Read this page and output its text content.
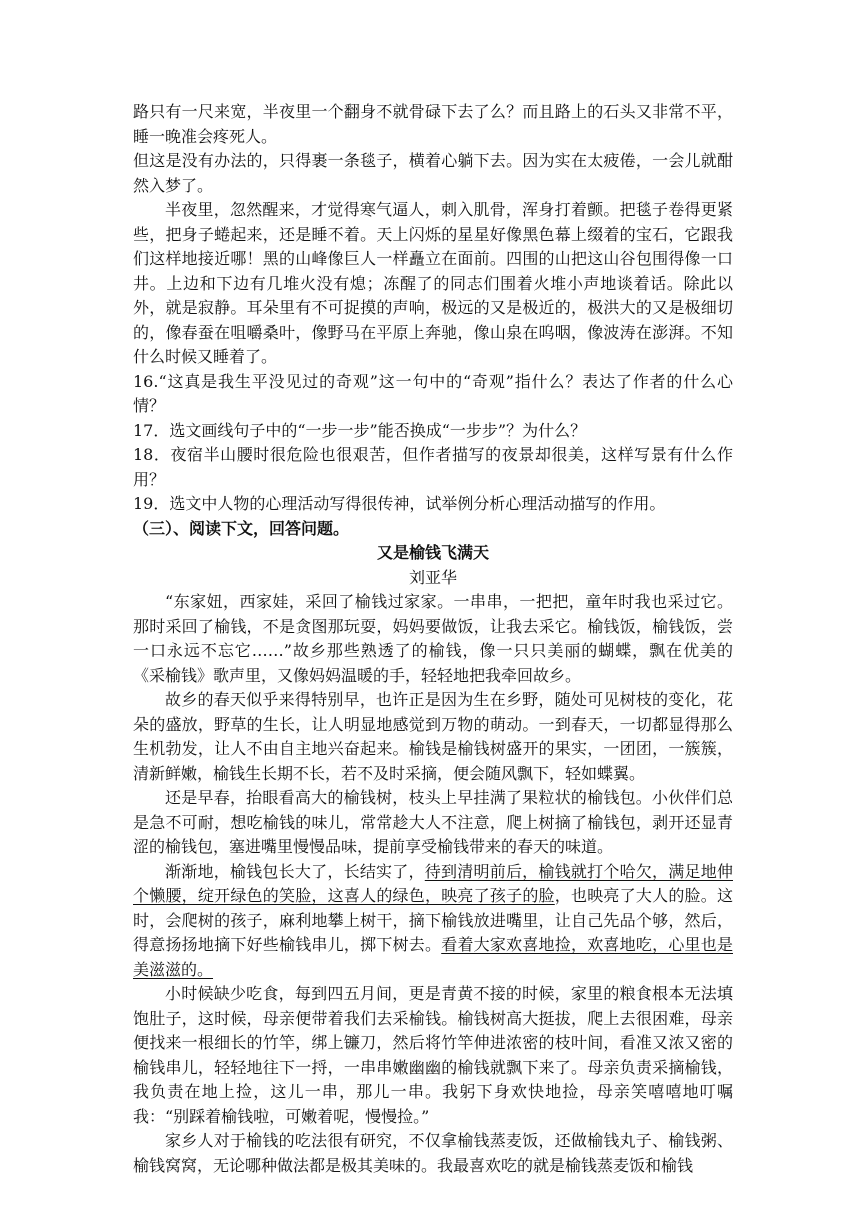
路只有一尺来宽，半夜里一个翻身不就骨碌下去了么？而且路上的石头又非常不平，睡一晚准会疼死人。

但这是没有办法的，只得裹一条毯子，横着心躺下去。因为实在太疲倦，一会儿就酣然入梦了。

半夜里，忽然醒来，才觉得寒气逼人，刺入肌骨，浑身打着颤。把毯子卷得更紧些，把身子蜷起来，还是睡不着。天上闪烁的星星好像黑色幕上缀着的宝石，它跟我们这样地接近哪！黑的山峰像巨人一样矗立在面前。四围的山把这山谷包围得像一口井。上边和下边有几堆火没有熄；冻醒了的同志们围着火堆小声地谈着话。除此以外，就是寂静。耳朵里有不可捉摸的声响，极远的又是极近的，极洪大的又是极细切的，像春蚕在咀嚼桑叶，像野马在平原上奔驰，像山泉在呜咽，像波涛在澎湃。不知什么时候又睡着了。

16.“这真是我生平没见过的奇观”这一句中的“奇观”指什么？表达了作者的什么心情？

17．选文画线句子中的“一步一步”能否换成“一步步”？为什么？

18．夜宿半山腰时很危险也很艰苦，但作者描写的夜景却很美，这样写景有什么作用？

19．选文中人物的心理活动写得很传神，试举例分析心理活动描写的作用。

（三）、阅读下文，回答问题。

又是榆钱飞满天

刘亚华

“东家妞，西家娃，采回了榆钱过家家。一串串，一把把，童年时我也采过它。那时采回了榆钱，不是贪图那玩耍，妈妈要做饭，让我去采它。榆钱饭，榆钱饭，尝一口永远不忘它……”故乡那些熟透了的榆钱，像一只只美丽的蝴蝶，飘在优美的《采榆钱》歌声里，又像妈妈温暖的手，轻轻地把我牵回故乡。

故乡的春天似乎来得特别早，也许正是因为生在乡野，随处可见树枝的变化，花朵的盛放，野草的生长，让人明显地感觉到万物的萌动。一到春天，一切都显得那么生机勃发，让人不由自主地兴奋起来。榆钱是榆钱树盛开的果实，一团团，一簇簇，清新鲜嫩，榆钱生长期不长，若不及时采摘，便会随风飘下，轻如蝶翼。

还是早春，抬眼看高大的榆钱树，枝头上早挂满了果粒状的榆钱包。小伙伴们总是急不可耐，想吃榆钱的味儿，常常趁大人不注意，爬上树摘了榆钱包，剥开还显青涩的榆钱包，塞进嘴里慢慢品味，提前享受榆钱带来的春天的味道。

渐渐地，榆钱包长大了，长结实了，待到清明前后，榆钱就打个哈欠，满足地伸个懒腰，绽开绿色的笑脸，这喜人的绿色，映亮了孩子的脸，也映亮了大人的脸。这时，会爬树的孩子，麻利地攀上树干，摘下榆钱放进嘴里，让自己先品个够，然后，得意扬扬地摘下好些榆钱串儿，掷下树去。看着大家欢喜地捡，欢喜地吃，心里也是美滋滋的。

小时候缺少吃食，每到四五月间，更是青黄不接的时候，家里的粮食根本无法填饱肚子，这时候，母亲便带着我们去采榆钱。榆钱树高大挺拔，爬上去很困难，母亲便找来一根细长的竹竿，绑上镰刀，然后将竹竿伸进浓密的枝叶间，看准又浓又密的榆钱串儿，轻轻地往下一捋，一串串嫩幽幽的榆钱就飘下来了。母亲负责采摘榆钱，我负责在地上捡，这儿一串，那儿一串。我躬下身欢快地捡，母亲笑嘻嘻地叮嘱我：“别踩着榆钱啦，可嫩着呢，慢慢捡。”

家乡人对于榆钱的吃法很有研究，不仅拿榆钱蒸麦饭，还做榆钱丸子、榆钱粥、榆钱窝窝，无论哪种做法都是极其美味的。我最喜欢吃的就是榆钱蒸麦饭和榆钱
